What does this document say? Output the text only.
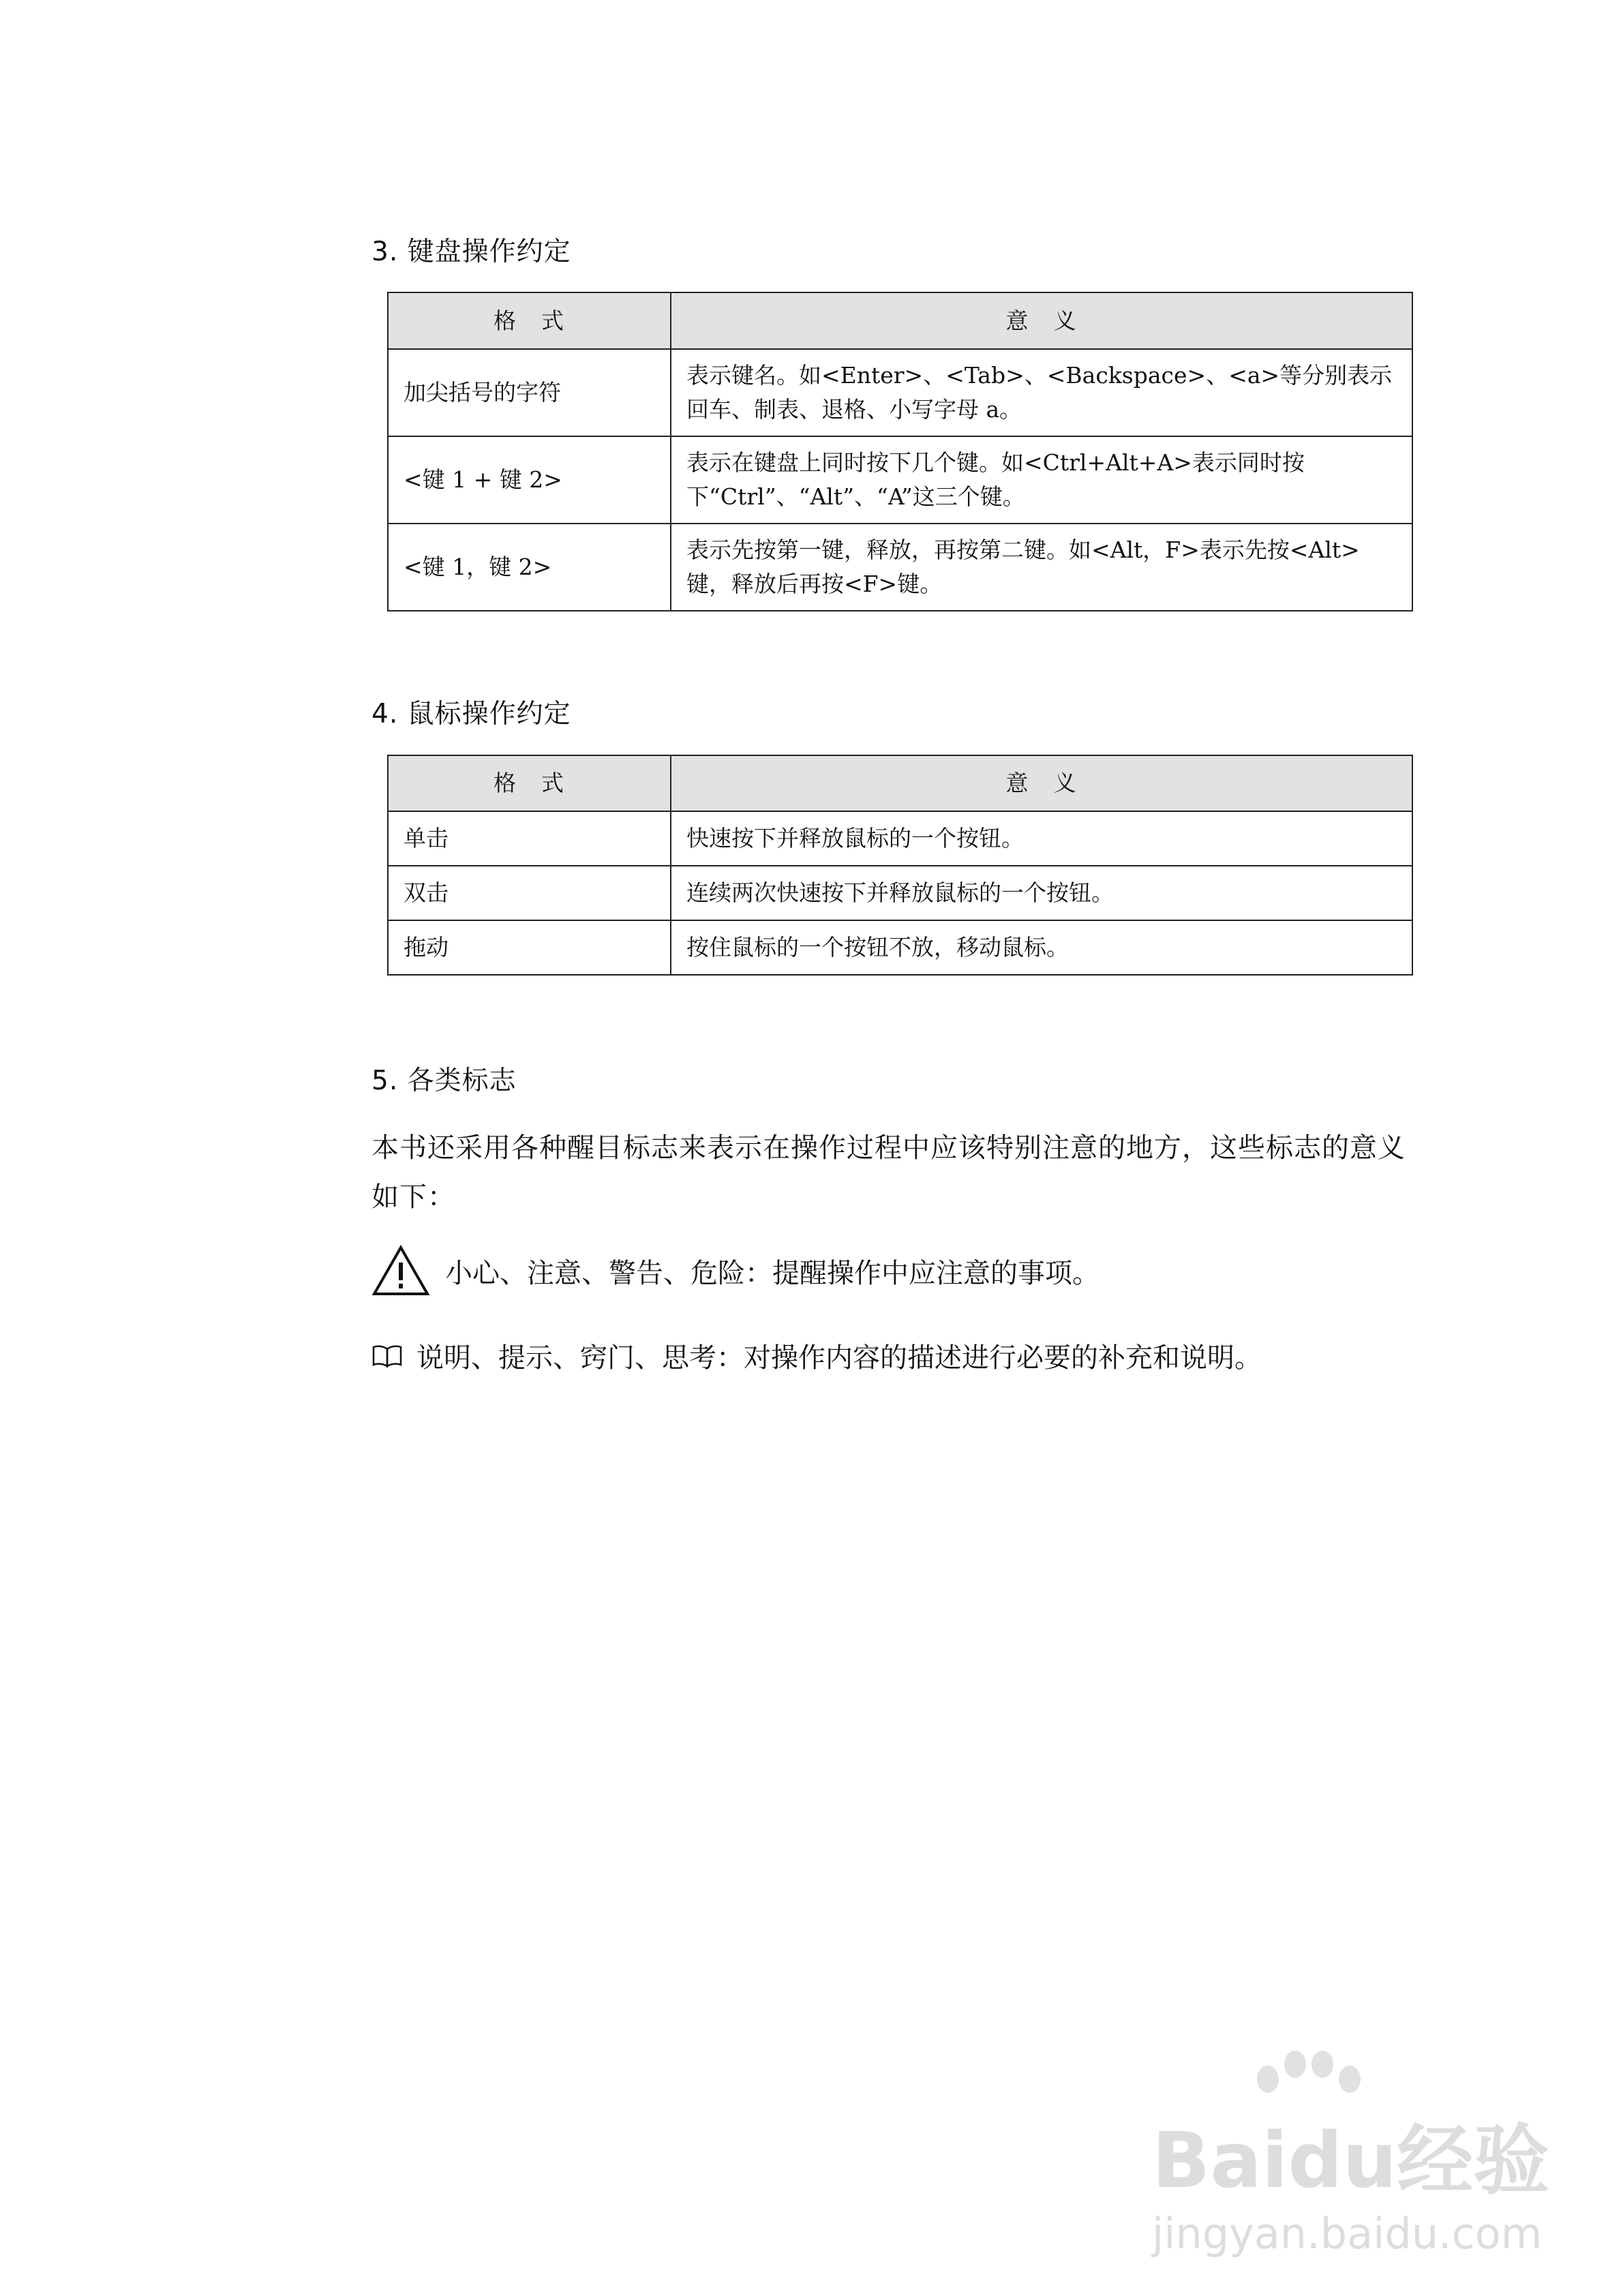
3. 键盘操作约定
格　式	意　义
加尖括号的字符	表示键名。如<Enter>、<Tab>、<Backspace>、<a>等分别表示回车、制表、退格、小写字母 a。
<键 1 + 键 2>	表示在键盘上同时按下几个键。如<Ctrl+Alt+A>表示同时按下“Ctrl”、“Alt”、“A”这三个键。
<键 1，键 2>	表示先按第一键，释放，再按第二键。如<Alt，F>表示先按<Alt>键，释放后再按<F>键。
4. 鼠标操作约定
格　式	意　义
单击	快速按下并释放鼠标的一个按钮。
双击	连续两次快速按下并释放鼠标的一个按钮。
拖动	按住鼠标的一个按钮不放，移动鼠标。
5. 各类标志

本书还采用各种醒目标志来表示在操作过程中应该特别注意的地方，这些标志的意义如下：

小心、注意、警告、危险 ：提醒操作中应注意的事项。
说明、提示、窍门、思考 ：对操作内容的描述进行必要的补充和说明。
Baidu经验
jingyan.baidu.com
